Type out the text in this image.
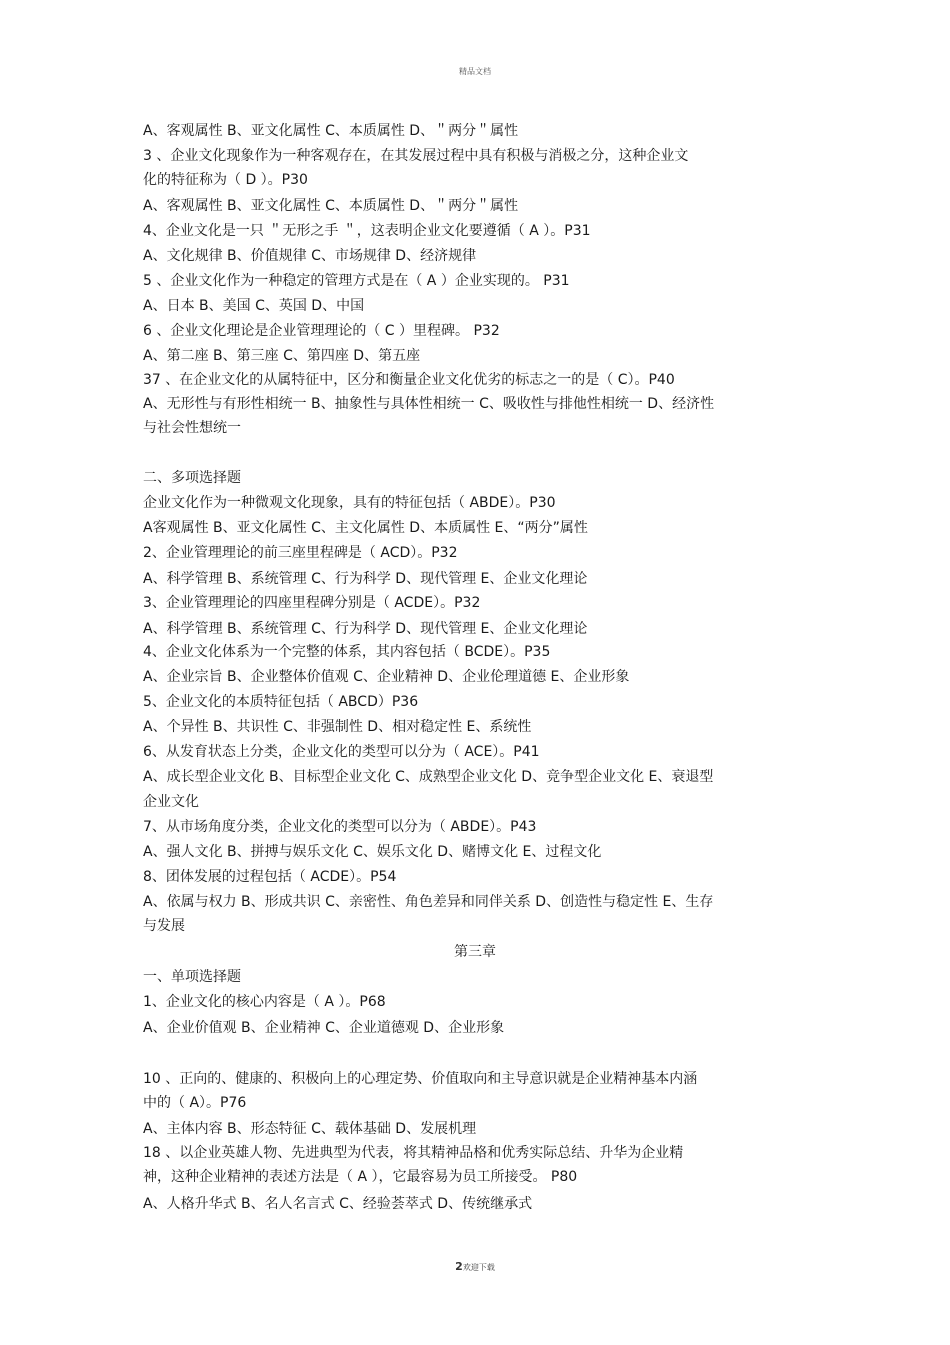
精品文档
A、客观属性 B、亚文化属性 C、本质属性 D、＂两分＂属性
3 、企业文化现象作为一种客观存在，在其发展过程中具有积极与消极之分，这种企业文
化的特征称为（ D ）。P30
A、客观属性 B、亚文化属性 C、本质属性 D、＂两分＂属性
4、企业文化是一只 ＂无形之手 ＂，这表明企业文化要遵循（ A ）。P31
A、文化规律 B、价值规律 C、市场规律 D、经济规律
5 、企业文化作为一种稳定的管理方式是在（ A ）企业实现的。 P31
A、日本 B、美国 C、英国 D、中国
6 、企业文化理论是企业管理理论的（ C ）里程碑。 P32
A、第二座 B、第三座 C、第四座 D、第五座
37 、在企业文化的从属特征中，区分和衡量企业文化优劣的标志之一的是（ C）。P40
A、无形性与有形性相统一 B、抽象性与具体性相统一 C、吸收性与排他性相统一 D、经济性
与社会性想统一
二、多项选择题
企业文化作为一种微观文化现象，具有的特征包括（ ABDE）。P30
A客观属性 B、亚文化属性 C、主文化属性 D、本质属性 E、“两分”属性
2、企业管理理论的前三座里程碑是（ ACD）。P32
A、科学管理 B、系统管理 C、行为科学 D、现代管理 E、企业文化理论
3、企业管理理论的四座里程碑分别是（ ACDE）。P32
A、科学管理 B、系统管理 C、行为科学 D、现代管理 E、企业文化理论
4、企业文化体系为一个完整的体系，其内容包括（ BCDE）。P35
A、企业宗旨 B、企业整体价值观 C、企业精神 D、企业伦理道德 E、企业形象
5、企业文化的本质特征包括（ ABCD）P36
A、个异性 B、共识性 C、非强制性 D、相对稳定性 E、系统性
6、从发育状态上分类，企业文化的类型可以分为（ ACE）。P41
A、成长型企业文化 B、目标型企业文化 C、成熟型企业文化 D、竞争型企业文化 E、衰退型
企业文化
7、从市场角度分类，企业文化的类型可以分为（ ABDE）。P43
A、强人文化 B、拼搏与娱乐文化 C、娱乐文化 D、赌博文化 E、过程文化
8、团体发展的过程包括（ ACDE）。P54
A、依属与权力 B、形成共识 C、亲密性、角色差异和同伴关系 D、创造性与稳定性 E、生存
与发展
第三章
一、单项选择题
1、企业文化的核心内容是（ A ）。P68
A、企业价值观 B、企业精神 C、企业道德观 D、企业形象
10 、正向的、健康的、积极向上的心理定势、价值取向和主导意识就是企业精神基本内涵
中的（ A）。P76
A、主体内容 B、形态特征 C、载体基础 D、发展机理
18 、以企业英雄人物、先进典型为代表，将其精神品格和优秀实际总结、升华为企业精
神，这种企业精神的表述方法是（ A ），它最容易为员工所接受。 P80
A、人格升华式 B、名人名言式 C、经验荟萃式 D、传统继承式
2欢迎下载
